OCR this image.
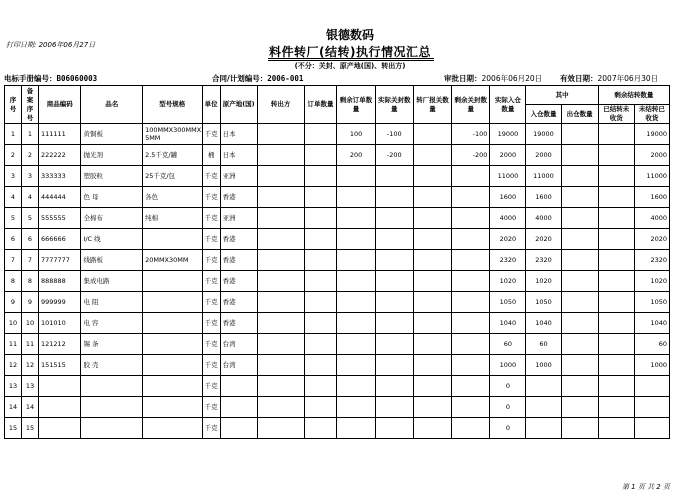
打印日期: 2006年06月27日
银德数码
料件转厂(结转)执行情况汇总
(不分：关封、原产地(国)、转出方)
电标手册编号：B06060003	合同/计划编号：2006-001	审批日期：2006年06月20日 有效日期：2007年06月30日
序号	备案序号	商品编码	品名	型号规格	单位	原产地(国)	转出方	订单数量	剩余订单数量	实际关封数量	转厂报关数量	剩余关封数量	实际入仓数量	其中		剩余结转数量	
														入仓数量	出仓数量	已结转未收货	未结转已收货
1	1	111111	黄铜板	100MMX300MMX 5MM	千克	日本			100	-100		-100	19000	19000			19000
2	2	222222	抛光剂	2.5千克/罐	桶	日本			200	-200		-200	2000	2000			2000
3	3	333333	塑胶粒	25千克/包	千克	亚洲							11000	11000			11000
4	4	444444	色 母	各色	千克	香港							1600	1600			1600
5	5	555555	全棉布	纯棉	千克	亚洲							4000	4000			4000
6	6	666666	I/C 线		千克	香港							2020	2020			2020
7	7	7777777	线路板	20MMX30MM	千克	香港							2320	2320			2320
8	8	888888	集成电路		千克	香港							1020	1020			1020
9	9	999999	电 阻		千克	香港							1050	1050			1050
10	10	101010	电 容		千克	香港							1040	1040			1040
11	11	121212	锡 条		千克	台湾							60	60			60
12	12	151515	胶 壳		千克	台湾							1000	1000			1000
13	13				千克								0				
14	14				千克								0				
15	15				千克								0				
第 1 页 共 2 页
